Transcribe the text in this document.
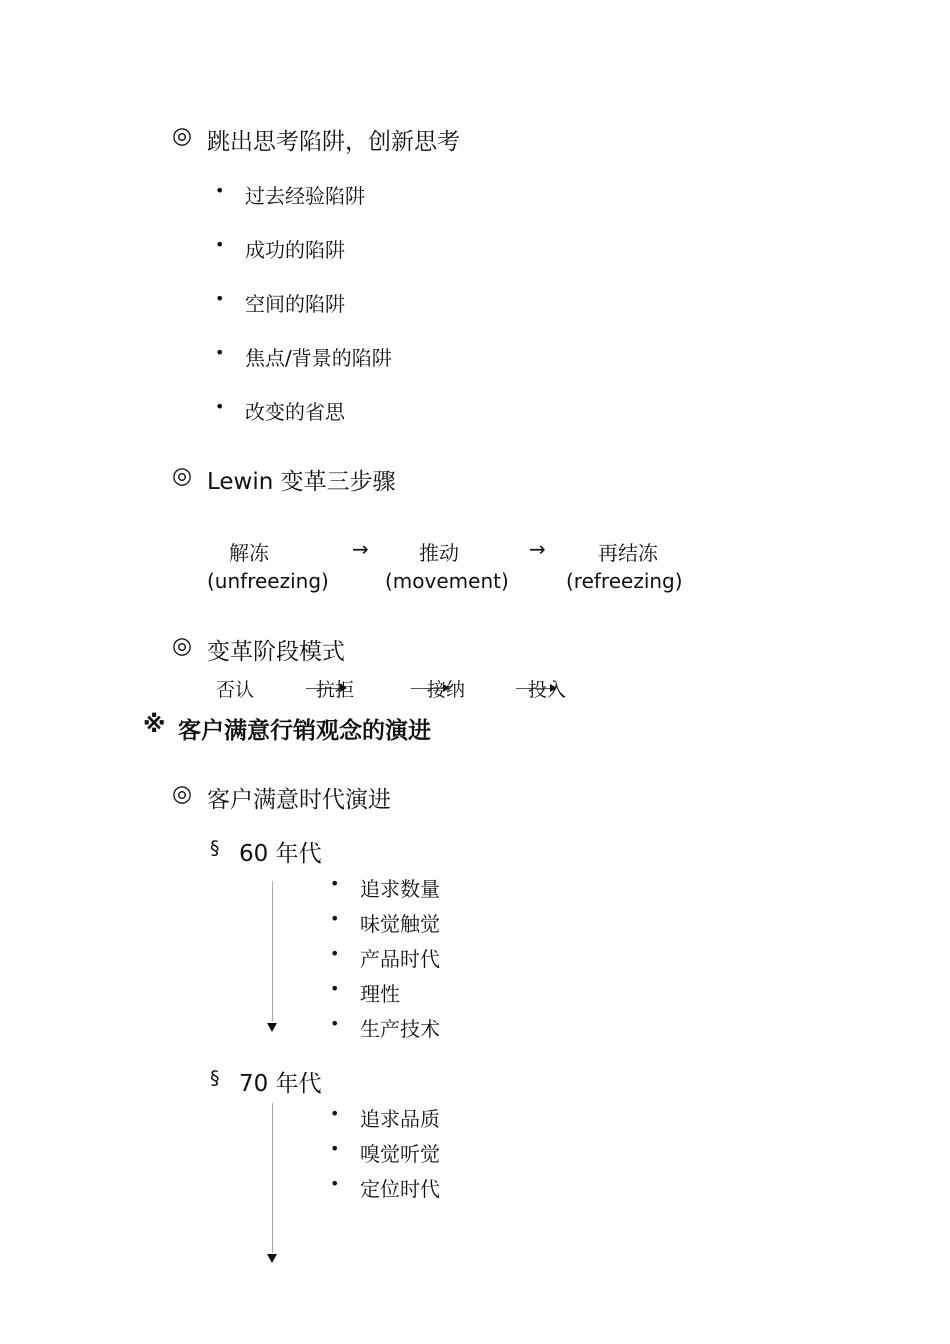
◎ 跳出思考陷阱，创新思考
• 过去经验陷阱
• 成功的陷阱
• 空间的陷阱
• 焦点/背景的陷阱
• 改变的省思
◎ Lewin 变革三步骤
解冻	→	推动	→	再结冻
(unfreezing)	(movement)	(refreezing)
◎ 变革阶段模式
否认	抗拒	接纳	投入
※ 客户满意行销观念的演进
◎ 客户满意时代演进
§ 60 年代
• 追求数量
• 味觉触觉
• 产品时代
• 理性
• 生产技术
§ 70 年代
• 追求品质
• 嗅觉听觉
• 定位时代
